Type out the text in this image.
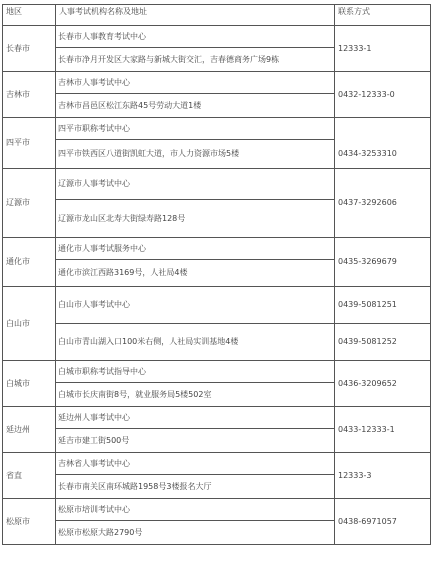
地区	人事考试机构名称及地址	联系方式
长春市	长春市人事教育考试中心	12333-1
	长春市净月开发区大家路与新城大街交汇，吉春德商务广场9栋	
吉林市	吉林市人事考试中心	0432-12333-0
	吉林市昌邑区松江东路45号劳动大道1楼	
四平市	四平市职称考试中心	0434-3253310
	四平市铁西区八道街凯虹大道，市人力资源市场5楼	
辽源市	辽源市人事考试中心	0437-3292606
	辽源市龙山区北寿大街绿寿路128号	
通化市	通化市人事考试服务中心	0435-3269679
	通化市滨江西路3169号，人社局4楼	
白山市	白山市人事考试中心	0439-5081251
	白山市青山湖入口100米右侧，人社局实训基地4楼	0439-5081252
白城市	白城市职称考试指导中心	0436-3209652
	白城市长庆南街8号，就业服务局5楼502室	
延边州	延边州人事考试中心	0433-12333-1
	延吉市建工街500号	
省直	吉林省人事考试中心	12333-3
	长春市南关区南环城路1958号3楼报名大厅	
松原市	松原市培训考试中心	0438-6971057
	松原市松原大路2790号	
